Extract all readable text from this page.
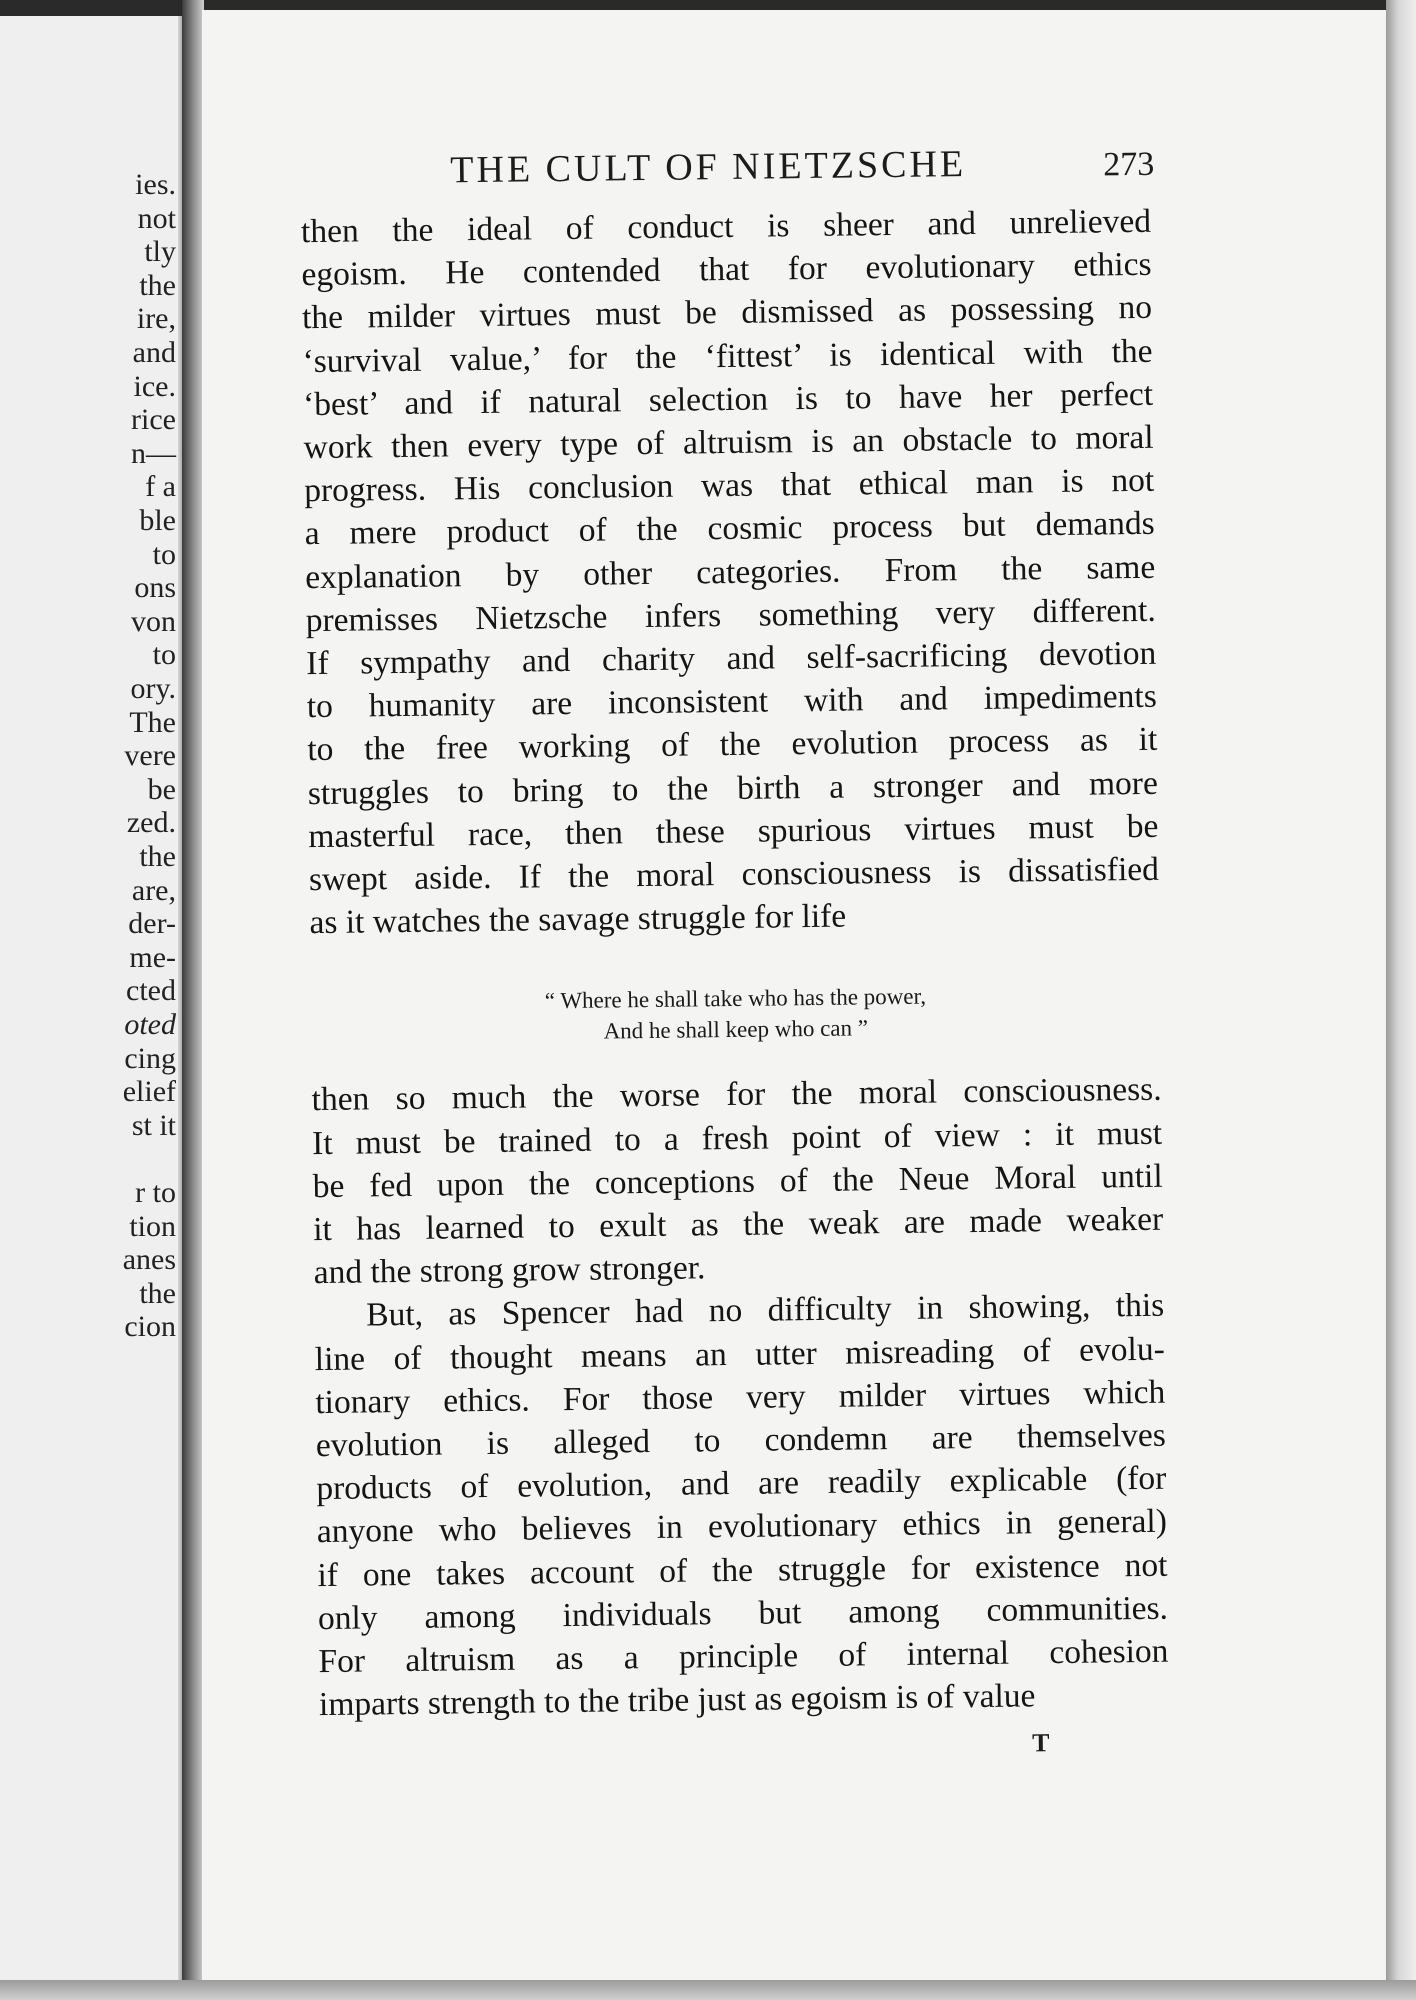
ies.
not
tly
the
ire,
and
ice.
rice
n—
f a
ble
to
ons
von
to
ory.
The
vere
be
zed.
the
are,
der-
me-
cted
oted
cing
elief
st it
r to
tion
anes
the
cion
THE CULT OF NIETZSCHE	273

then the ideal of conduct is sheer and unrelieved
egoism. He contended that for evolutionary ethics
the milder virtues must be dismissed as possessing no
‘survival value,’ for the ‘fittest’ is identical with the
‘best’ and if natural selection is to have her perfect
work then every type of altruism is an obstacle to moral
progress. His conclusion was that ethical man is not
a mere product of the cosmic process but demands
explanation by other categories. From the same
premisses Nietzsche infers something very different.
If sympathy and charity and self-sacrificing devotion
to humanity are inconsistent with and impediments
to the free working of the evolution process as it
struggles to bring to the birth a stronger and more
masterful race, then these spurious virtues must be
swept aside. If the moral consciousness is dissatisfied
as it watches the savage struggle for life

“ Where he shall take who has the power,
And he shall keep who can ”

then so much the worse for the moral consciousness.
It must be trained to a fresh point of view : it must
be fed upon the conceptions of the Neue Moral until
it has learned to exult as the weak are made weaker
and the strong grow stronger.

But, as Spencer had no difficulty in showing, this
line of thought means an utter misreading of evolu-
tionary ethics. For those very milder virtues which
evolution is alleged to condemn are themselves
products of evolution, and are readily explicable (for
anyone who believes in evolutionary ethics in general)
if one takes account of the struggle for existence not
only among individuals but among communities.
For altruism as a principle of internal cohesion
imparts strength to the tribe just as egoism is of value

T
